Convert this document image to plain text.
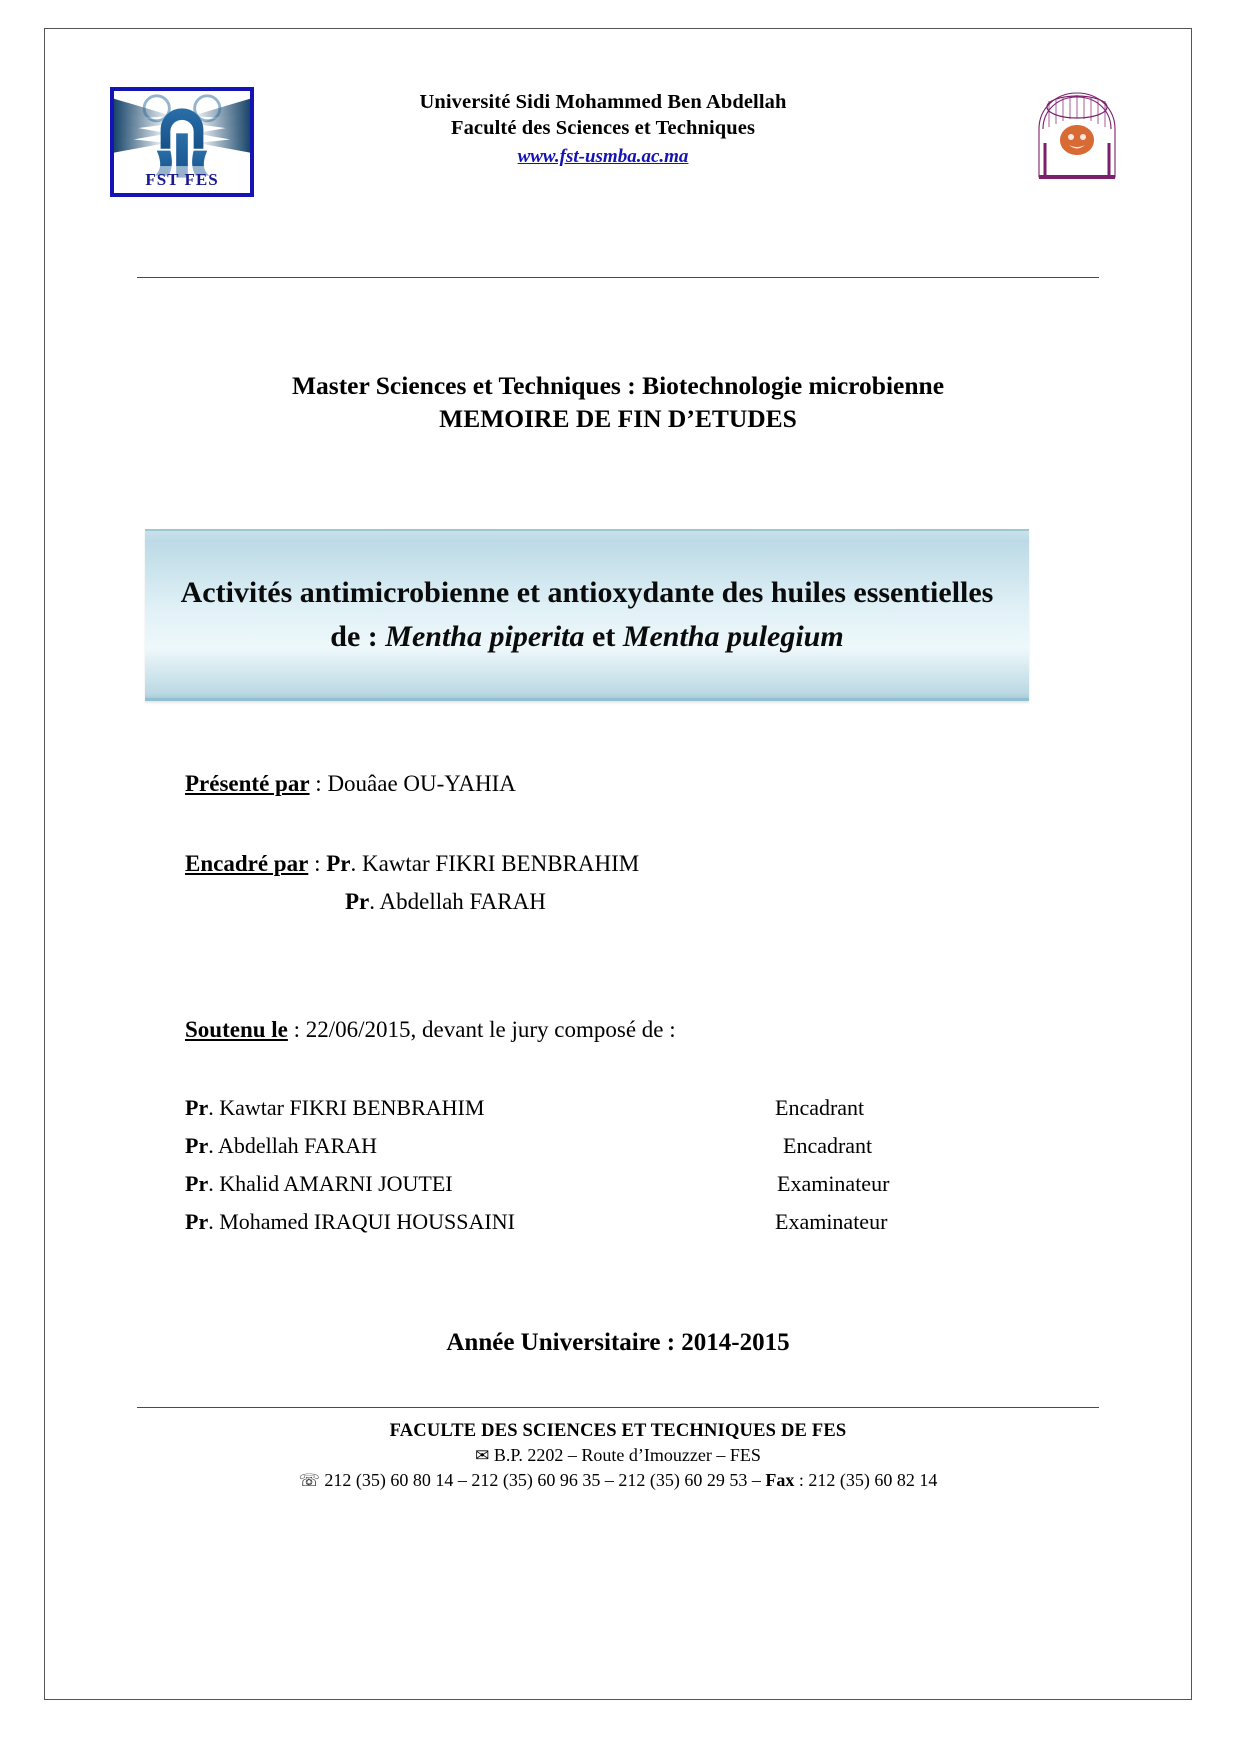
FST FES
Université Sidi Mohammed Ben Abdellah
Faculté des Sciences et Techniques
www.fst-usmba.ac.ma
Master Sciences et Techniques : Biotechnologie microbienne
MEMOIRE DE FIN D’ETUDES
Activités antimicrobienne et antioxydante des huiles essentielles de : Mentha piperita et Mentha pulegium
Présenté par : Douâae OU-YAHIA
Encadré par : Pr. Kawtar FIKRI BENBRAHIM
Pr. Abdellah FARAH
Soutenu le : 22/06/2015, devant le jury composé de :
Pr. Kawtar FIKRI BENBRAHIM	Encadrant
Pr. Abdellah FARAH	Encadrant
Pr. Khalid AMARNI JOUTEI	Examinateur
Pr. Mohamed IRAQUI HOUSSAINI	Examinateur
Année Universitaire : 2014-2015
FACULTE DES SCIENCES ET TECHNIQUES DE FES
✉ B.P. 2202 – Route d’Imouzzer – FES
☏ 212 (35) 60 80 14 – 212 (35) 60 96 35 – 212 (35) 60 29 53 – Fax : 212 (35) 60 82 14
